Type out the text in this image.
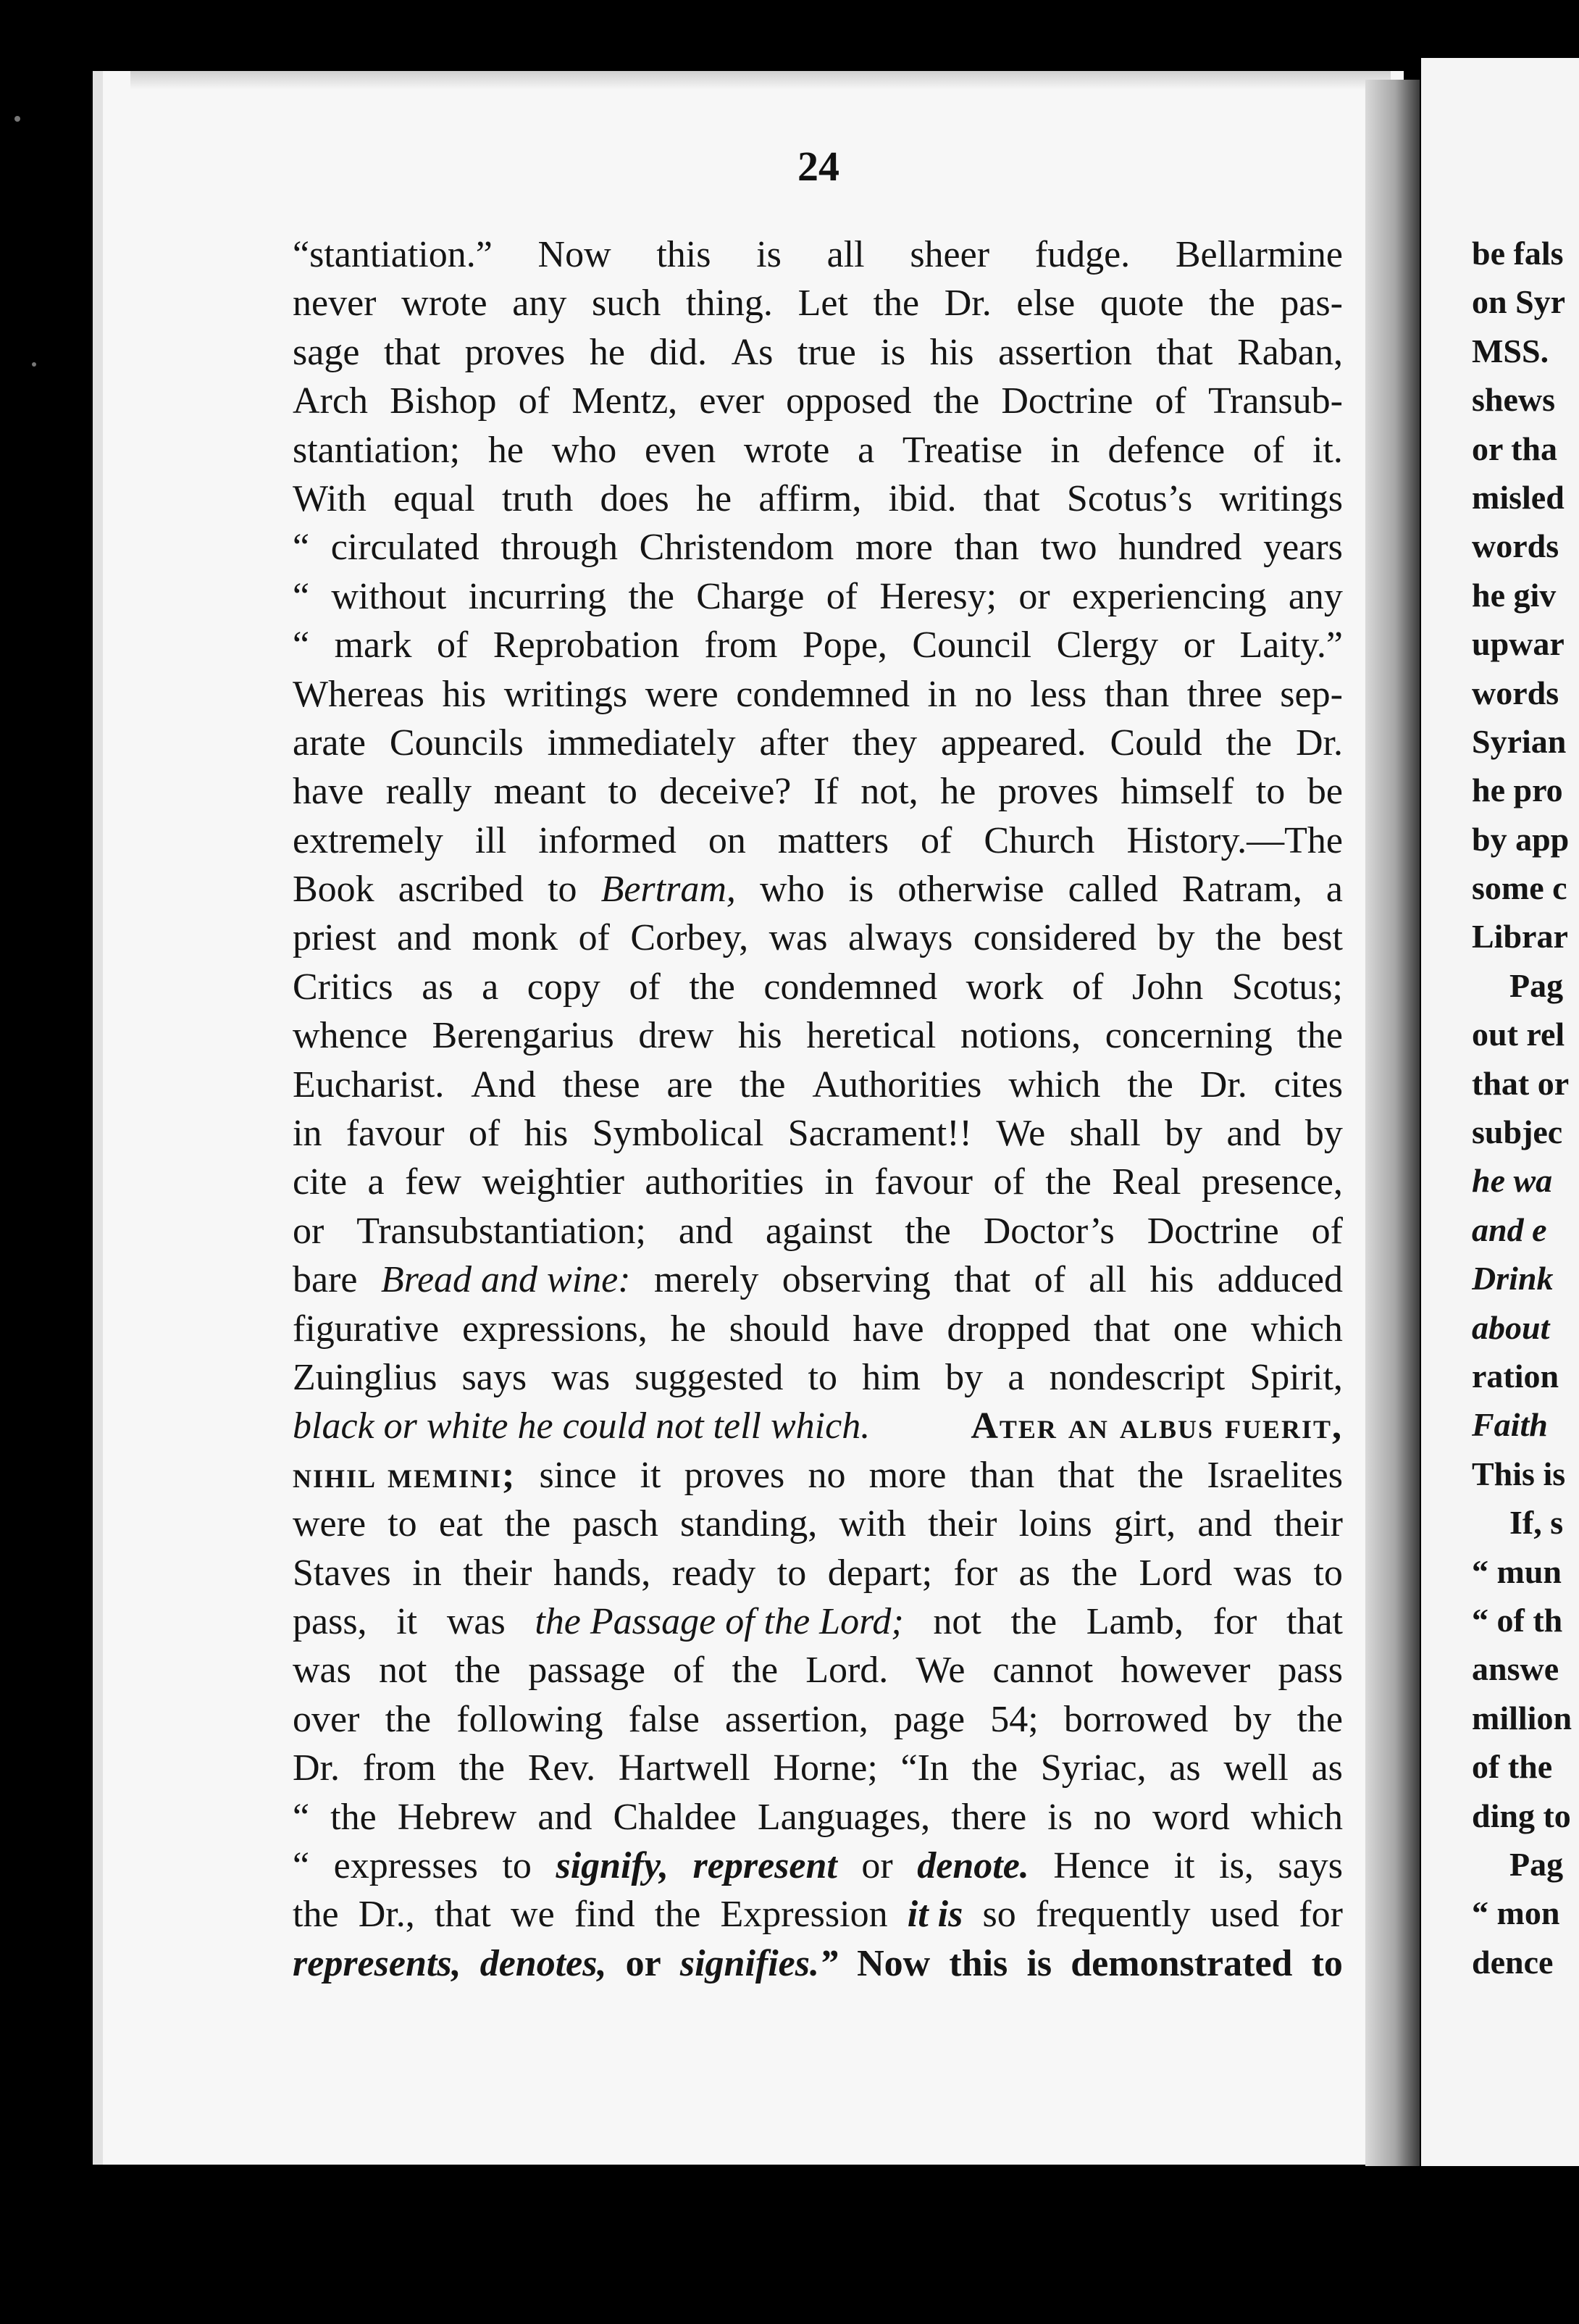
24
“stantiation.” Now this is all sheer fudge. Bellarmine
never wrote any such thing. Let the Dr. else quote the pas-
sage that proves he did. As true is his assertion that Raban,
Arch Bishop of Mentz, ever opposed the Doctrine of Transub-
stantiation; he who even wrote a Treatise in defence of it.
With equal truth does he affirm, ibid. that Scotus’s writings
“ circulated through Christendom more than two hundred years
“ without incurring the Charge of Heresy; or experiencing any
“ mark of Reprobation from Pope, Council Clergy or Laity.”
Whereas his writings were condemned in no less than three sep-
arate Councils immediately after they appeared. Could the Dr.
have really meant to deceive? If not, he proves himself to be
extremely ill informed on matters of Church History.—The
Book ascribed to Bertram, who is otherwise called Ratram, a
priest and monk of Corbey, was always considered by the best
Critics as a copy of the condemned work of John Scotus;
whence Berengarius drew his heretical notions, concerning the
Eucharist. And these are the Authorities which the Dr. cites
in favour of his Symbolical Sacrament!! We shall by and by
cite a few weightier authorities in favour of the Real presence,
or Transubstantiation; and against the Doctor’s Doctrine of
bare Bread and wine: merely observing that of all his adduced
figurative expressions, he should have dropped that one which
Zuinglius says was suggested to him by a nondescript Spirit,
black or white he could not tell which.	Ater an albus fuerit,
nihil memini; since it proves no more than that the Israelites
were to eat the pasch standing, with their loins girt, and their
Staves in their hands, ready to depart; for as the Lord was to
pass, it was the Passage of the Lord; not the Lamb, for that
was not the passage of the Lord. We cannot however pass
over the following false assertion, page 54; borrowed by the
Dr. from the Rev. Hartwell Horne; “In the Syriac, as well as
“ the Hebrew and Chaldee Languages, there is no word which
“ expresses to signify, represent or denote. Hence it is, says
the Dr., that we find the Expression it is so frequently used for
represents, denotes, or signifies.” Now this is demonstrated to
be fals
on Syr
MSS.
shews
or tha
misled
words
he giv
upwar
words
Syrian
he pro
by app
some c
Librar
Pag
out rel
that or
subjec
he wa
and e
Drink
about
ration
Faith
This is
If, s
“ mun
“ of th
answe
million
of the
ding to
Pag
“ mon
dence
